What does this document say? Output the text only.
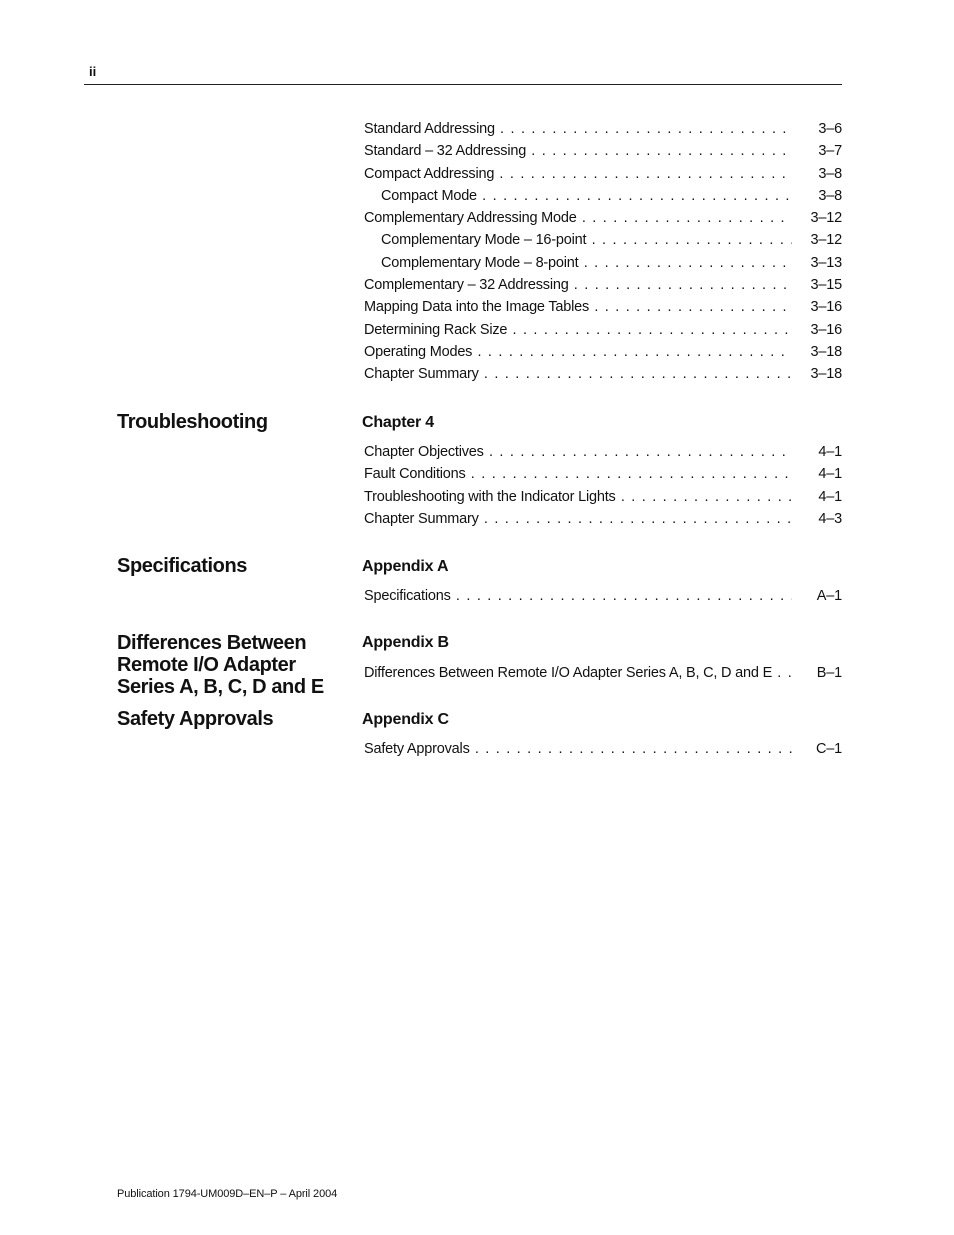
ii
Standard Addressing . . .	3–6
Standard – 32 Addressing . . .	3–7
Compact Addressing . . .	3–8
Compact Mode . . .	3–8
Complementary Addressing Mode . . .	3–12
Complementary Mode – 16-point . . .	3–12
Complementary Mode – 8-point . . .	3–13
Complementary – 32 Addressing . . .	3–15
Mapping Data into the Image Tables . . .	3–16
Determining Rack Size . . .	3–16
Operating Modes . . .	3–18
Chapter Summary . . .	3–18
Troubleshooting	Chapter 4
Chapter Objectives . . .	4–1
Fault Conditions . . .	4–1
Troubleshooting with the Indicator Lights . . .	4–1
Chapter Summary . . .	4–3
Specifications	Appendix A
Specifications . . .	A–1
Differences Between Remote I/O Adapter Series A, B, C, D and E
Appendix B
Differences Between Remote I/O Adapter Series A, B, C, D and E . . .	B–1
Safety Approvals	Appendix C
Safety Approvals . . .	C–1
Publication 1794-UM009D–EN–P – April 2004
